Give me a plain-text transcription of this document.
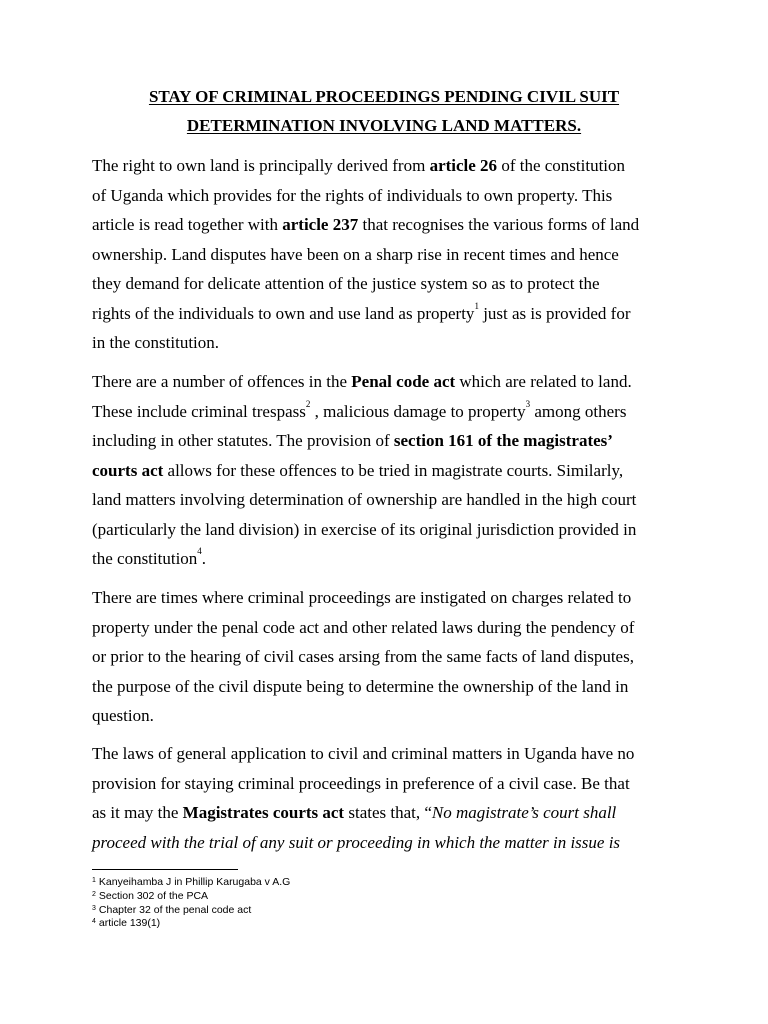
STAY OF CRIMINAL PROCEEDINGS PENDING CIVIL SUIT
DETERMINATION INVOLVING LAND MATTERS.
The right to own land is principally derived from article 26 of the constitution
of Uganda which provides for the rights of individuals to own property. This
article is read together with article 237 that recognises the various forms of land
ownership. Land disputes have been on a sharp rise in recent times and hence
they demand for delicate attention of the justice system so as to protect the
rights of the individuals to own and use land as property$^1$ just as is provided for
in the constitution.
There are a number of offences in the Penal code act which are related to land.
These include criminal trespass$^2$ , malicious damage to property$^3$ among others
including in other statutes. The provision of section 161 of the magistrates’
courts act allows for these offences to be tried in magistrate courts. Similarly,
land matters involving determination of ownership are handled in the high court
(particularly the land division) in exercise of its original jurisdiction provided in
the constitution$^4$.
There are times where criminal proceedings are instigated on charges related to
property under the penal code act and other related laws during the pendency of
or prior to the hearing of civil cases arsing from the same facts of land disputes,
the purpose of the civil dispute being to determine the ownership of the land in
question.
The laws of general application to civil and criminal matters in Uganda have no
provision for staying criminal proceedings in preference of a civil case. Be that
as it may the Magistrates courts act states that, “No magistrate’s court shall
proceed with the trial of any suit or proceeding in which the matter in issue is
$^1$ Kanyeihamba J in Phillip Karugaba v A.G
$^2$ Section 302 of the PCA
$^3$ Chapter 32 of the penal code act
$^4$ article 139(1)
